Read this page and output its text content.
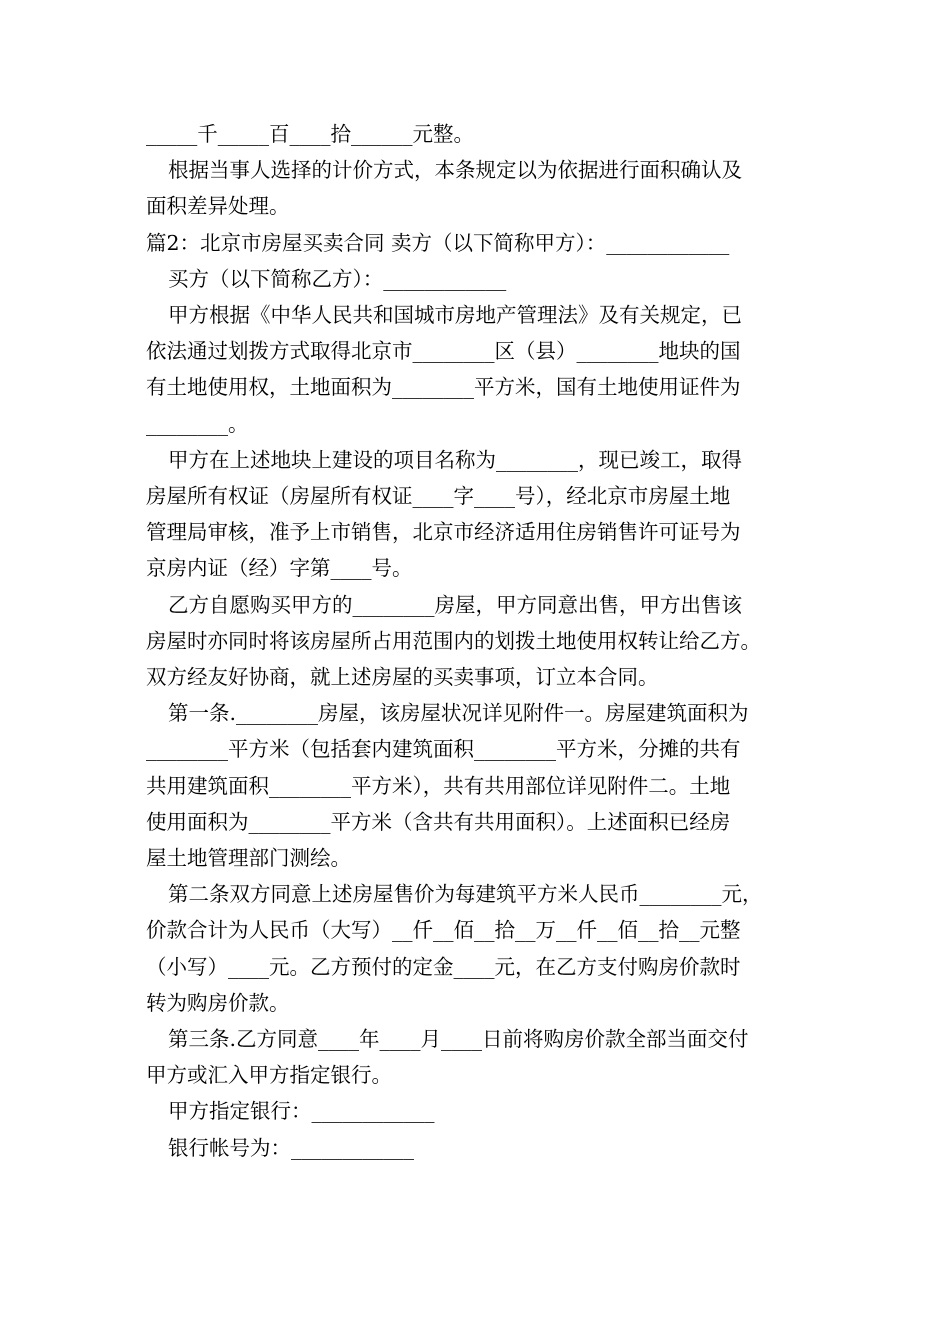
_____千_____百____拾______元整。

根据当事人选择的计价方式，本条规定以为依据进行面积确认及

面积差异处理。

篇2：北京市房屋买卖合同 卖方（以下简称甲方）：____________

买方（以下简称乙方）：____________

甲方根据《中华人民共和国城市房地产管理法》及有关规定，已

依法通过划拨方式取得北京市________区（县）________地块的国

有土地使用权，土地面积为________平方米，国有土地使用证件为

________。

甲方在上述地块上建设的项目名称为________，现已竣工，取得

房屋所有权证（房屋所有权证____字____号），经北京市房屋土地

管理局审核，准予上市销售，北京市经济适用住房销售许可证号为

京房内证（经）字第____号。

乙方自愿购买甲方的________房屋，甲方同意出售，甲方出售该

房屋时亦同时将该房屋所占用范围内的划拨土地使用权转让给乙方。

双方经友好协商，就上述房屋的买卖事项，订立本合同。

第一条.________房屋，该房屋状况详见附件一。房屋建筑面积为

________平方米（包括套内建筑面积________平方米，分摊的共有

共用建筑面积________平方米），共有共用部位详见附件二。土地

使用面积为________平方米（含共有共用面积）。上述面积已经房

屋土地管理部门测绘。

第二条双方同意上述房屋售价为每建筑平方米人民币________元，

价款合计为人民币（大写）__仟__佰__拾__万__仟__佰__拾__元整

（小写）____元。乙方预付的定金____元，在乙方支付购房价款时

转为购房价款。

第三条.乙方同意____年____月____日前将购房价款全部当面交付

甲方或汇入甲方指定银行。

甲方指定银行：____________

银行帐号为：____________
